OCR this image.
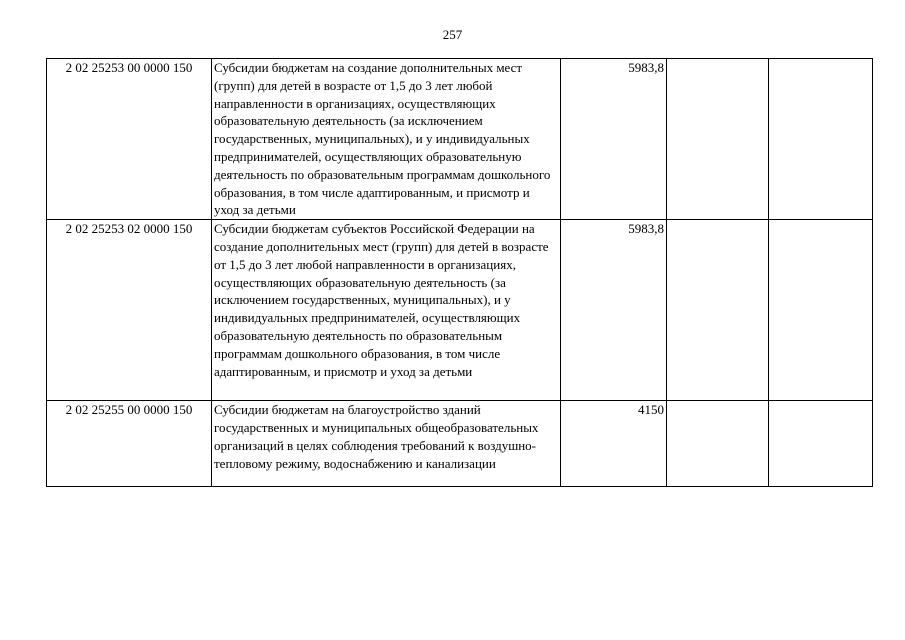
257
2 02 25253 00 0000 150	Субсидии бюджетам на создание дополнительных мест (групп) для детей в возрасте от 1,5 до 3 лет любой направленности в организациях, осуществляющих образовательную деятельность (за исключением государственных, муниципальных), и у индивидуальных предпринимателей, осуществляющих образовательную деятельность по образовательным программам дошкольного образования, в том числе адаптированным, и присмотр и уход за детьми	5983,8		
2 02 25253 02 0000 150	Субсидии бюджетам субъектов Российской Федерации на создание дополнительных мест (групп) для детей в возрасте от 1,5 до 3 лет любой направленности в организациях, осуществляющих образовательную деятельность (за исключением государственных, муниципальных), и у индивидуальных предпринимателей, осуществляющих образовательную деятельность по образовательным программам дошкольного образования, в том числе адаптированным, и присмотр и уход за детьми	5983,8		
2 02 25255 00 0000 150	Субсидии бюджетам на благоустройство зданий государственных и муниципальных общеобразовательных организаций в целях соблюдения требований к воздушно-тепловому режиму, водоснабжению и канализации	4150		
